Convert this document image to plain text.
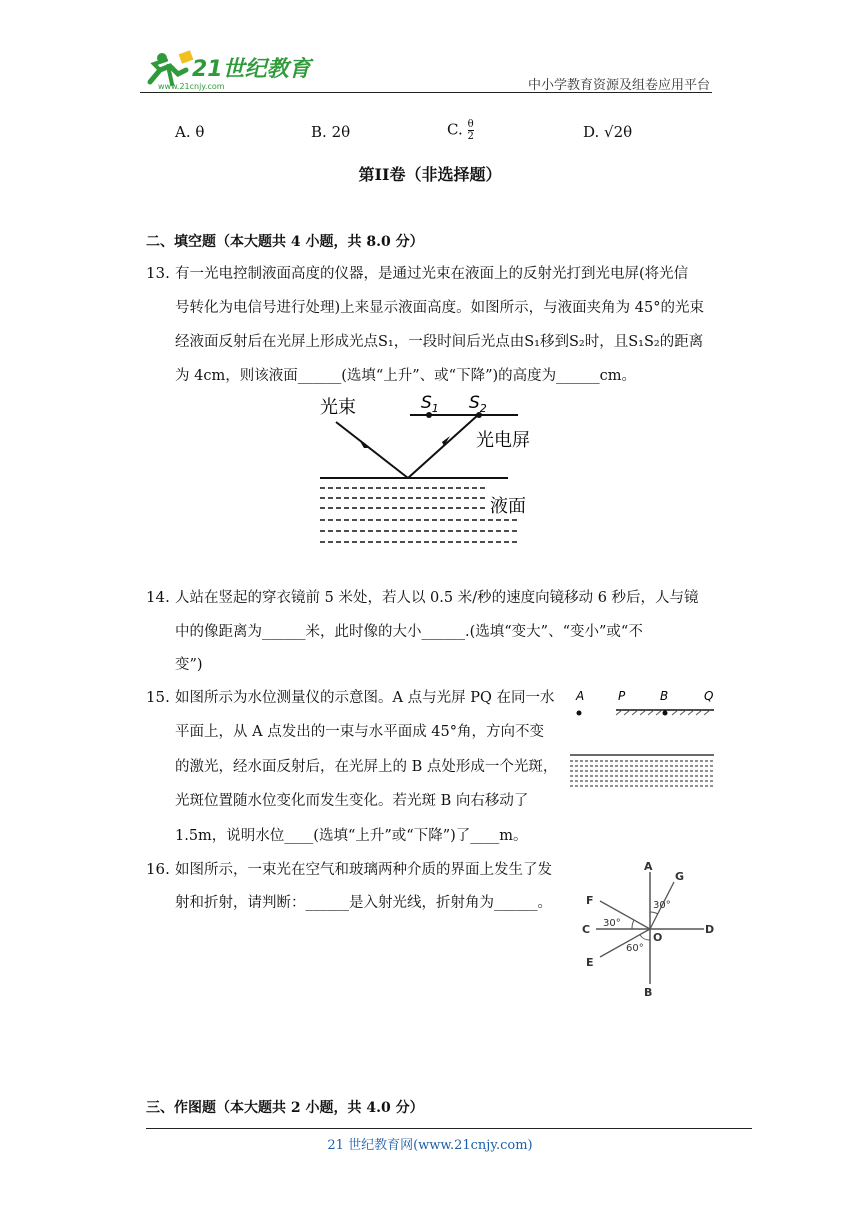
21世纪教育
www.21cnjy.com	中小学教育资源及组卷应用平台
A. θ	B. 2θ	C. $\frac{\theta}{2}$	D. √2θ
第II卷（非选择题）
二、填空题（本大题共 4 小题，共 8.0 分）
13. 有一光电控制液面高度的仪器，是通过光束在液面上的反射光打到光电屏(将光信
号转化为电信号进行处理)上来显示液面高度。如图所示，与液面夹角为 45°的光束
经液面反射后在光屏上形成光点S₁，一段时间后光点由S₁移到S₂时，且S₁S₂的距离
为 4cm，则该液面______(选填“上升”、或“下降”)的高度为______cm。
光束	$S_1$ $S_2$
光电屏
液面
14. 人站在竖起的穿衣镜前 5 米处，若人以 0.5 米/秒的速度向镜移动 6 秒后，人与镜
中的像距离为______米，此时像的大小______.(选填“变大”、“变小”或“不
变”)
15. 如图所示为水位测量仪的示意图。A 点与光屏 PQ 在同一水
平面上，从 A 点发出的一束与水平面成 45°角，方向不变
的激光，经水面反射后，在光屏上的 B 点处形成一个光斑，
光斑位置随水位变化而发生变化。若光斑 B 向右移动了
1.5m，说明水位____(选填“上升”或“下降”)了____m。
A	P	B	Q
16. 如图所示，一束光在空气和玻璃两种介质的界面上发生了发
射和折射，请判断：______是入射光线，折射角为______。
A
B
C	D
E
F
G
O
30°
30°
60°
三、作图题（本大题共 2 小题，共 4.0 分）
21 世纪教育网(www.21cnjy.com)
